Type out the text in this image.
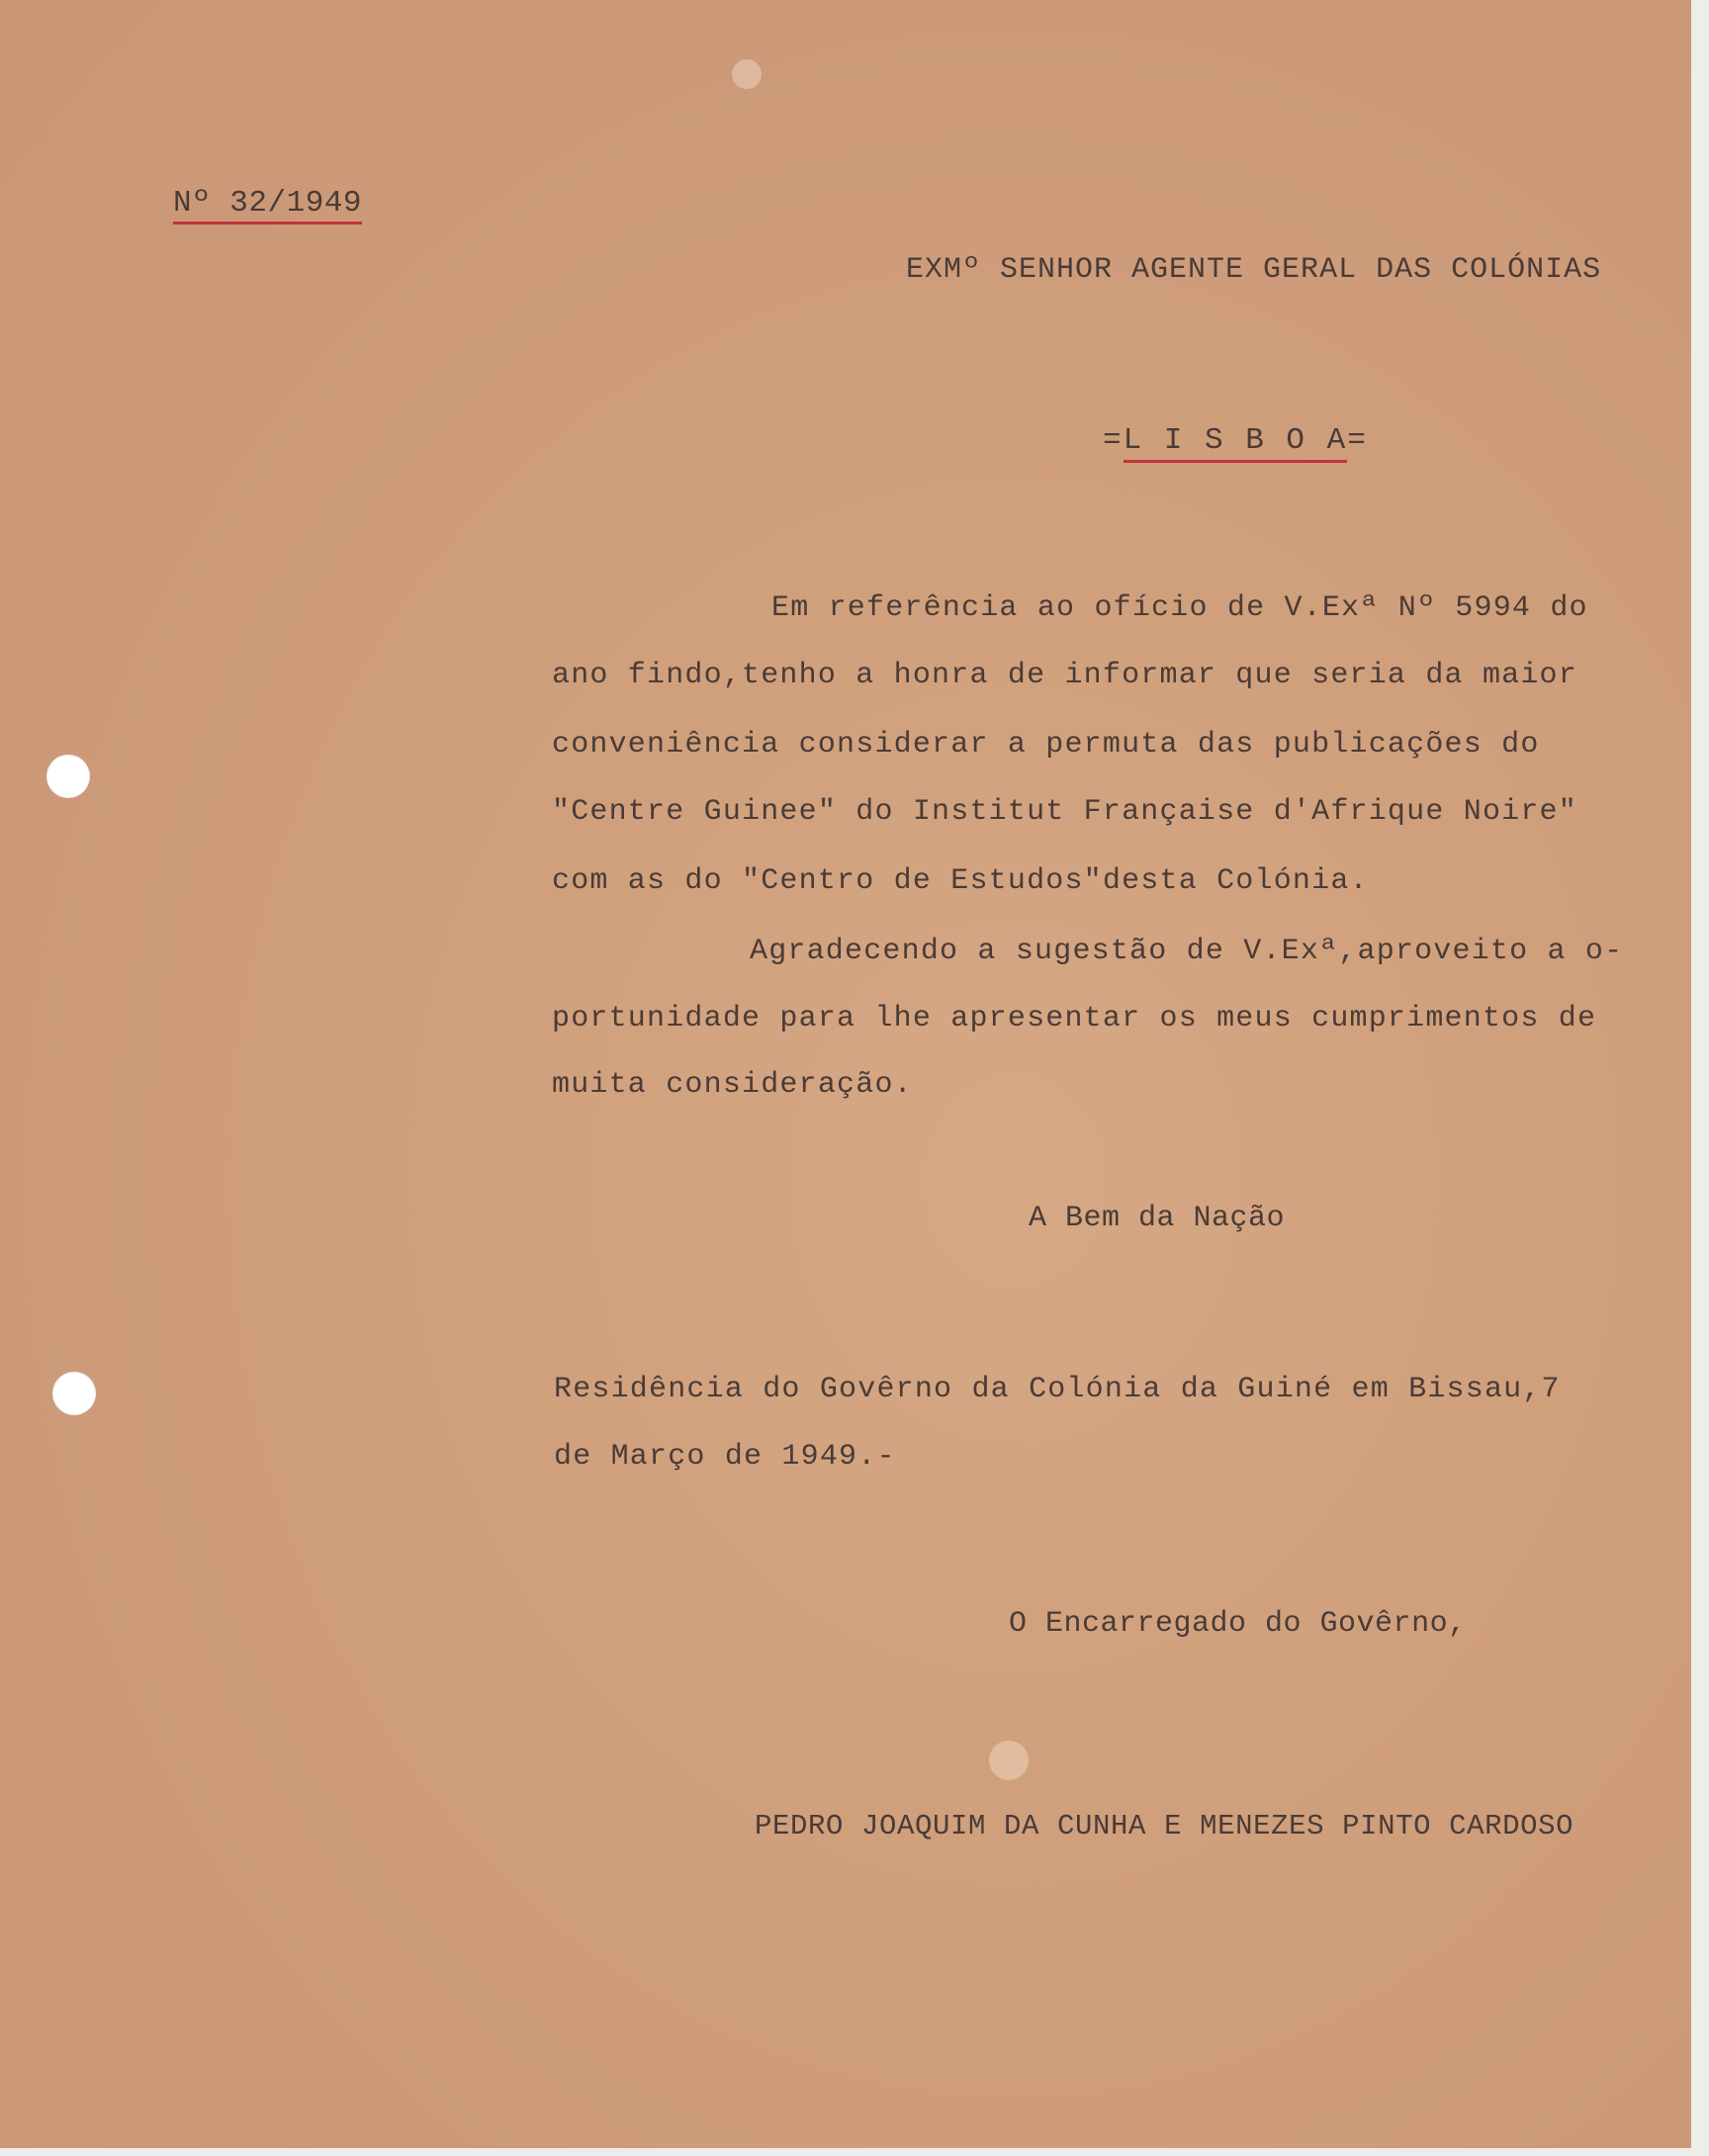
Nº 32/1949
EXMº SENHOR AGENTE GERAL DAS COLÓNIAS
=L I S B O A=
Em referência ao ofício de V.Exª Nº 5994 do
ano findo,tenho a honra de informar que seria da maior
conveniência considerar a permuta das publicações do
"Centre Guinee" do Institut Française d'Afrique Noire"
com as do "Centro de Estudos"desta Colónia.
Agradecendo a sugestão de V.Exª,aproveito a o-
portunidade para lhe apresentar os meus cumprimentos de
muita consideração.
A Bem da Nação
Residência do Govêrno da Colónia da Guiné em Bissau,7
de Março de 1949.-
O Encarregado do Govêrno,
PEDRO JOAQUIM DA CUNHA E MENEZES PINTO CARDOSO
